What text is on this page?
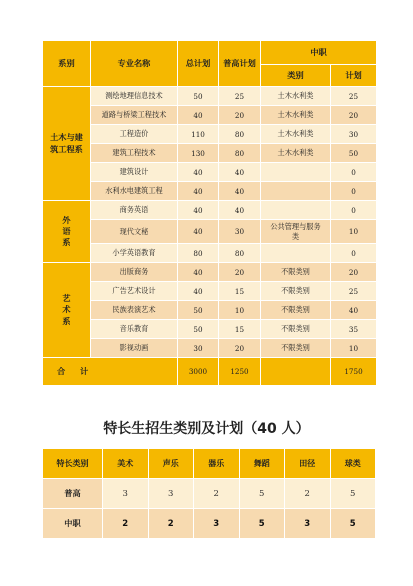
系别	专业名称	总计划	普高计划	中职	
				类别	计划
土木与建筑工程系	测绘地理信息技术	50	25	土木水利类	25
	道路与桥梁工程技术	40	20	土木水利类	20
	工程造价	110	80	土木水利类	30
	建筑工程技术	130	80	土木水利类	50
	建筑设计	40	40		0
	水利水电建筑工程	40	40		0
外语系	商务英语	40	40		0
	现代文秘	40	30	公共管理与服务类	10
	小学英语教育	80	80		0
艺术系	出版商务	40	20	不限类别	20
	广告艺术设计	40	15	不限类别	25
	民族表演艺术	50	10	不限类别	40
	音乐教育	50	15	不限类别	35
	影视动画	30	20	不限类别	10
合 计		3000	1250		1750
特长生招生类别及计划（40 人）
特长类别	美术	声乐	器乐	舞蹈	田径	球类
普高	3	3	2	5	2	5
中职	2	2	3	5	3	5
